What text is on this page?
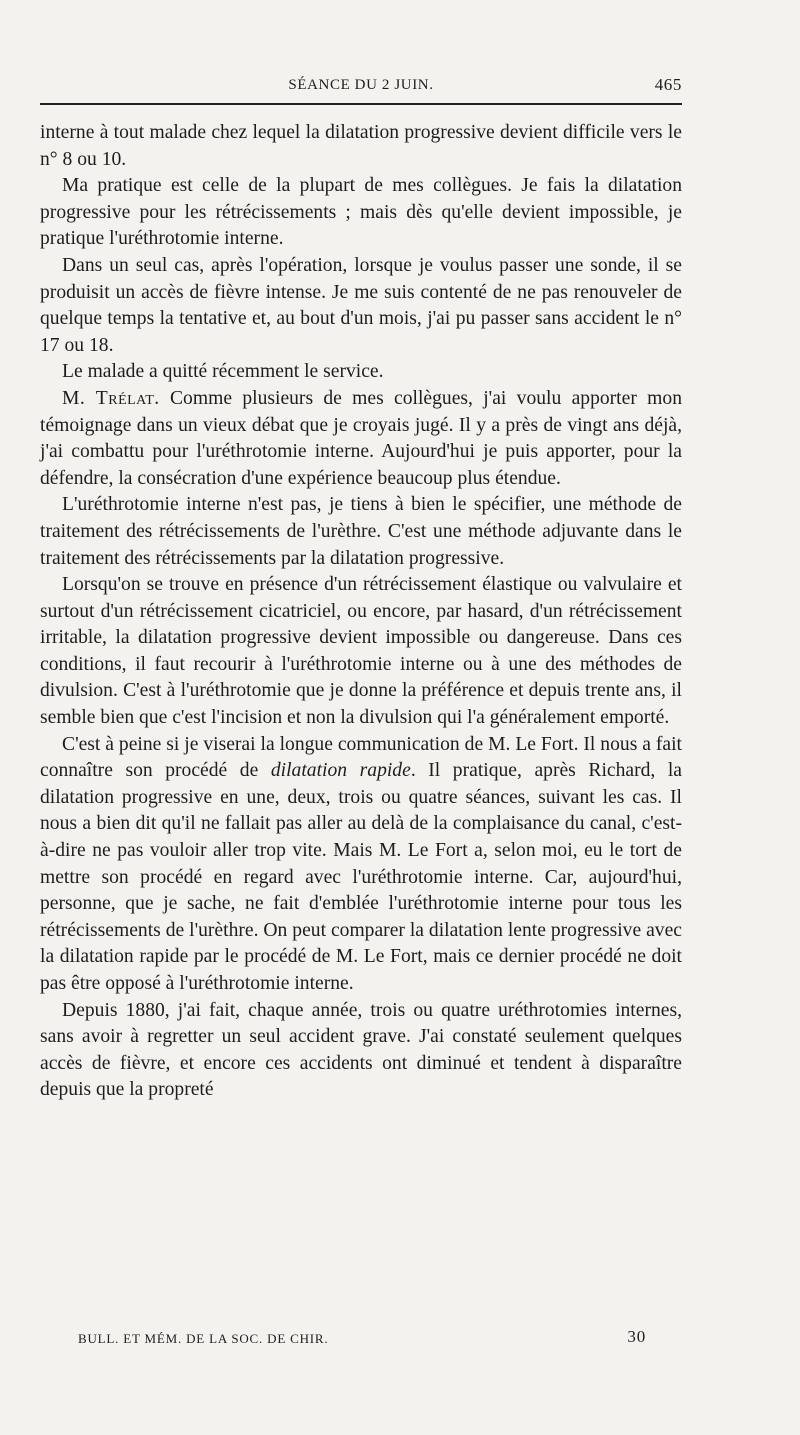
SÉANCE DU 2 JUIN.	465

interne à tout malade chez lequel la dilatation progressive devient difficile vers le n° 8 ou 10.

Ma pratique est celle de la plupart de mes collègues. Je fais la dilatation progressive pour les rétrécissements ; mais dès qu'elle devient impossible, je pratique l'uréthrotomie interne.

Dans un seul cas, après l'opération, lorsque je voulus passer une sonde, il se produisit un accès de fièvre intense. Je me suis contenté de ne pas renouveler de quelque temps la tentative et, au bout d'un mois, j'ai pu passer sans accident le n° 17 ou 18.

Le malade a quitté récemment le service.

M. Trélat. Comme plusieurs de mes collègues, j'ai voulu apporter mon témoignage dans un vieux débat que je croyais jugé. Il y a près de vingt ans déjà, j'ai combattu pour l'uréthrotomie interne. Aujourd'hui je puis apporter, pour la défendre, la consécration d'une expérience beaucoup plus étendue.

L'uréthrotomie interne n'est pas, je tiens à bien le spécifier, une méthode de traitement des rétrécissements de l'urèthre. C'est une méthode adjuvante dans le traitement des rétrécissements par la dilatation progressive.

Lorsqu'on se trouve en présence d'un rétrécissement élastique ou valvulaire et surtout d'un rétrécissement cicatriciel, ou encore, par hasard, d'un rétrécissement irritable, la dilatation progressive devient impossible ou dangereuse. Dans ces conditions, il faut recourir à l'uréthrotomie interne ou à une des méthodes de divulsion. C'est à l'uréthrotomie que je donne la préférence et depuis trente ans, il semble bien que c'est l'incision et non la divulsion qui l'a généralement emporté.

C'est à peine si je viserai la longue communication de M. Le Fort. Il nous a fait connaître son procédé de dilatation rapide. Il pratique, après Richard, la dilatation progressive en une, deux, trois ou quatre séances, suivant les cas. Il nous a bien dit qu'il ne fallait pas aller au delà de la complaisance du canal, c'est-à-dire ne pas vouloir aller trop vite. Mais M. Le Fort a, selon moi, eu le tort de mettre son procédé en regard avec l'uréthrotomie interne. Car, aujourd'hui, personne, que je sache, ne fait d'emblée l'uréthrotomie interne pour tous les rétrécissements de l'urèthre. On peut comparer la dilatation lente progressive avec la dilatation rapide par le procédé de M. Le Fort, mais ce dernier procédé ne doit pas être opposé à l'uréthrotomie interne.

Depuis 1880, j'ai fait, chaque année, trois ou quatre uréthrotomies internes, sans avoir à regretter un seul accident grave. J'ai constaté seulement quelques accès de fièvre, et encore ces accidents ont diminué et tendent à disparaître depuis que la propreté

BULL. ET MÉM. DE LA SOC. DE CHIR.	30
